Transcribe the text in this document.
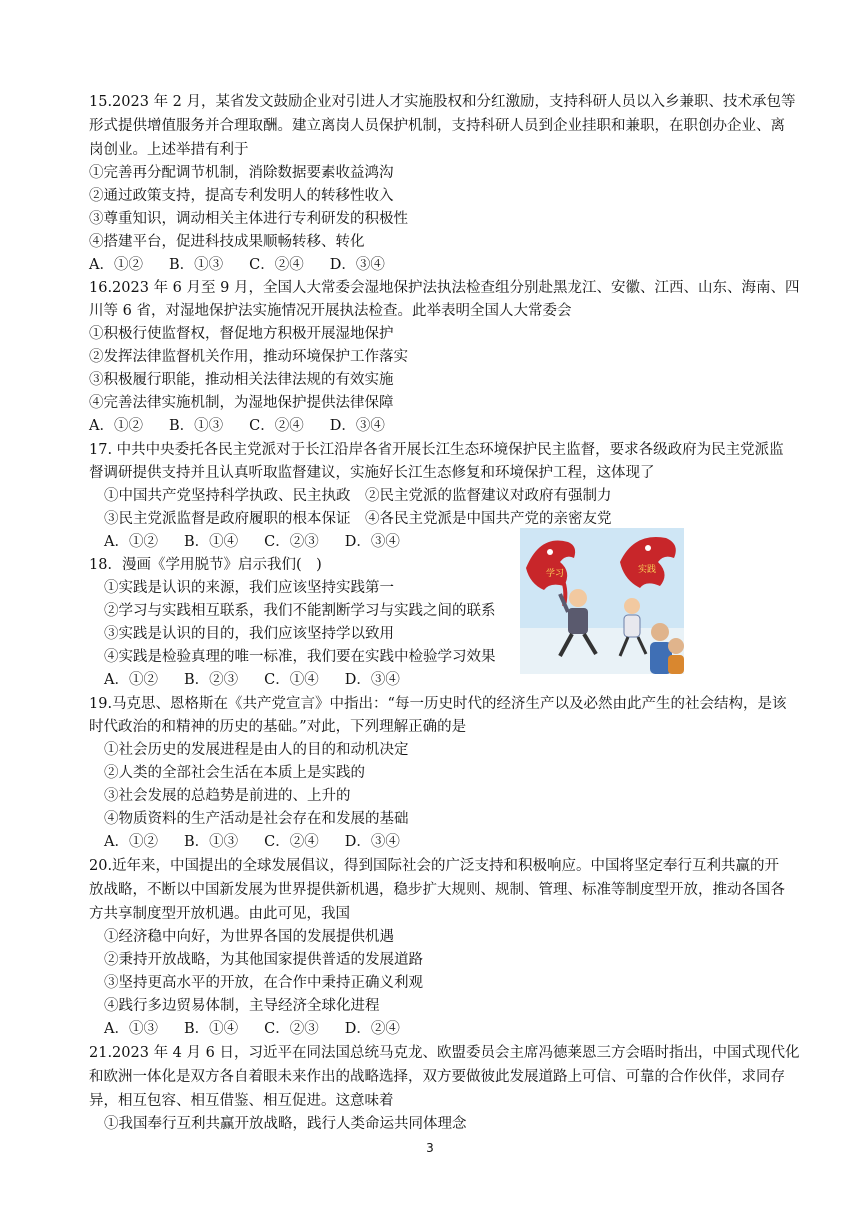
15.2023 年 2 月，某省发文鼓励企业对引进人才实施股权和分红激励，支持科研人员以入乡兼职、技术承包等
形式提供增值服务并合理取酬。建立离岗人员保护机制，支持科研人员到企业挂职和兼职，在职创办企业、离
岗创业。上述举措有利于
①完善再分配调节机制，消除数据要素收益鸿沟
②通过政策支持，提高专利发明人的转移性收入
③尊重知识，调动相关主体进行专利研发的积极性
④搭建平台，促进科技成果顺畅转移、转化
A．①② B．①③ C．②④ D．③④
16.2023 年 6 月至 9 月，全国人大常委会湿地保护法执法检查组分别赴黑龙江、安徽、江西、山东、海南、四
川等 6 省，对湿地保护法实施情况开展执法检查。此举表明全国人大常委会
①积极行使监督权，督促地方积极开展湿地保护
②发挥法律监督机关作用，推动环境保护工作落实
③积极履行职能，推动相关法律法规的有效实施
④完善法律实施机制，为湿地保护提供法律保障
A．①② B．①③ C．②④ D．③④
17. 中共中央委托各民主党派对于长江沿岸各省开展长江生态环境保护民主监督，要求各级政府为民主党派监
督调研提供支持并且认真听取监督建议，实施好长江生态修复和环境保护工程，这体现了
①中国共产党坚持科学执政、民主执政　②民主党派的监督建议对政府有强制力
③民主党派监督是政府履职的根本保证　④各民主党派是中国共产党的亲密友党
A．①② B．①④ C．②③ D．③④
18．漫画《学用脱节》启示我们(　)
①实践是认识的来源，我们应该坚持实践第一
②学习与实践相互联系，我们不能割断学习与实践之间的联系
③实践是认识的目的，我们应该坚持学以致用
④实践是检验真理的唯一标准，我们要在实践中检验学习效果
A．①② B．②③ C．①④ D．③④
学习	实践
19.马克思、恩格斯在《共产党宣言》中指出：“每一历史时代的经济生产以及必然由此产生的社会结构，是该
时代政治的和精神的历史的基础。”对此，下列理解正确的是
①社会历史的发展进程是由人的目的和动机决定
②人类的全部社会生活在本质上是实践的
③社会发展的总趋势是前进的、上升的
④物质资料的生产活动是社会存在和发展的基础
A．①② B．①③ C．②④ D．③④
20.近年来，中国提出的全球发展倡议，得到国际社会的广泛支持和积极响应。中国将坚定奉行互利共赢的开
放战略，不断以中国新发展为世界提供新机遇，稳步扩大规则、规制、管理、标准等制度型开放，推动各国各
方共享制度型开放机遇。由此可见，我国
①经济稳中向好，为世界各国的发展提供机遇
②秉持开放战略，为其他国家提供普适的发展道路
③坚持更高水平的开放，在合作中秉持正确义利观
④践行多边贸易体制，主导经济全球化进程
A．①③ B．①④ C．②③ D．②④
21.2023 年 4 月 6 日，习近平在同法国总统马克龙、欧盟委员会主席冯德莱恩三方会晤时指出，中国式现代化
和欧洲一体化是双方各自着眼未来作出的战略选择，双方要做彼此发展道路上可信、可靠的合作伙伴，求同存
异，相互包容、相互借鉴、相互促进。这意味着
①我国奉行互利共赢开放战略，践行人类命运共同体理念
3
